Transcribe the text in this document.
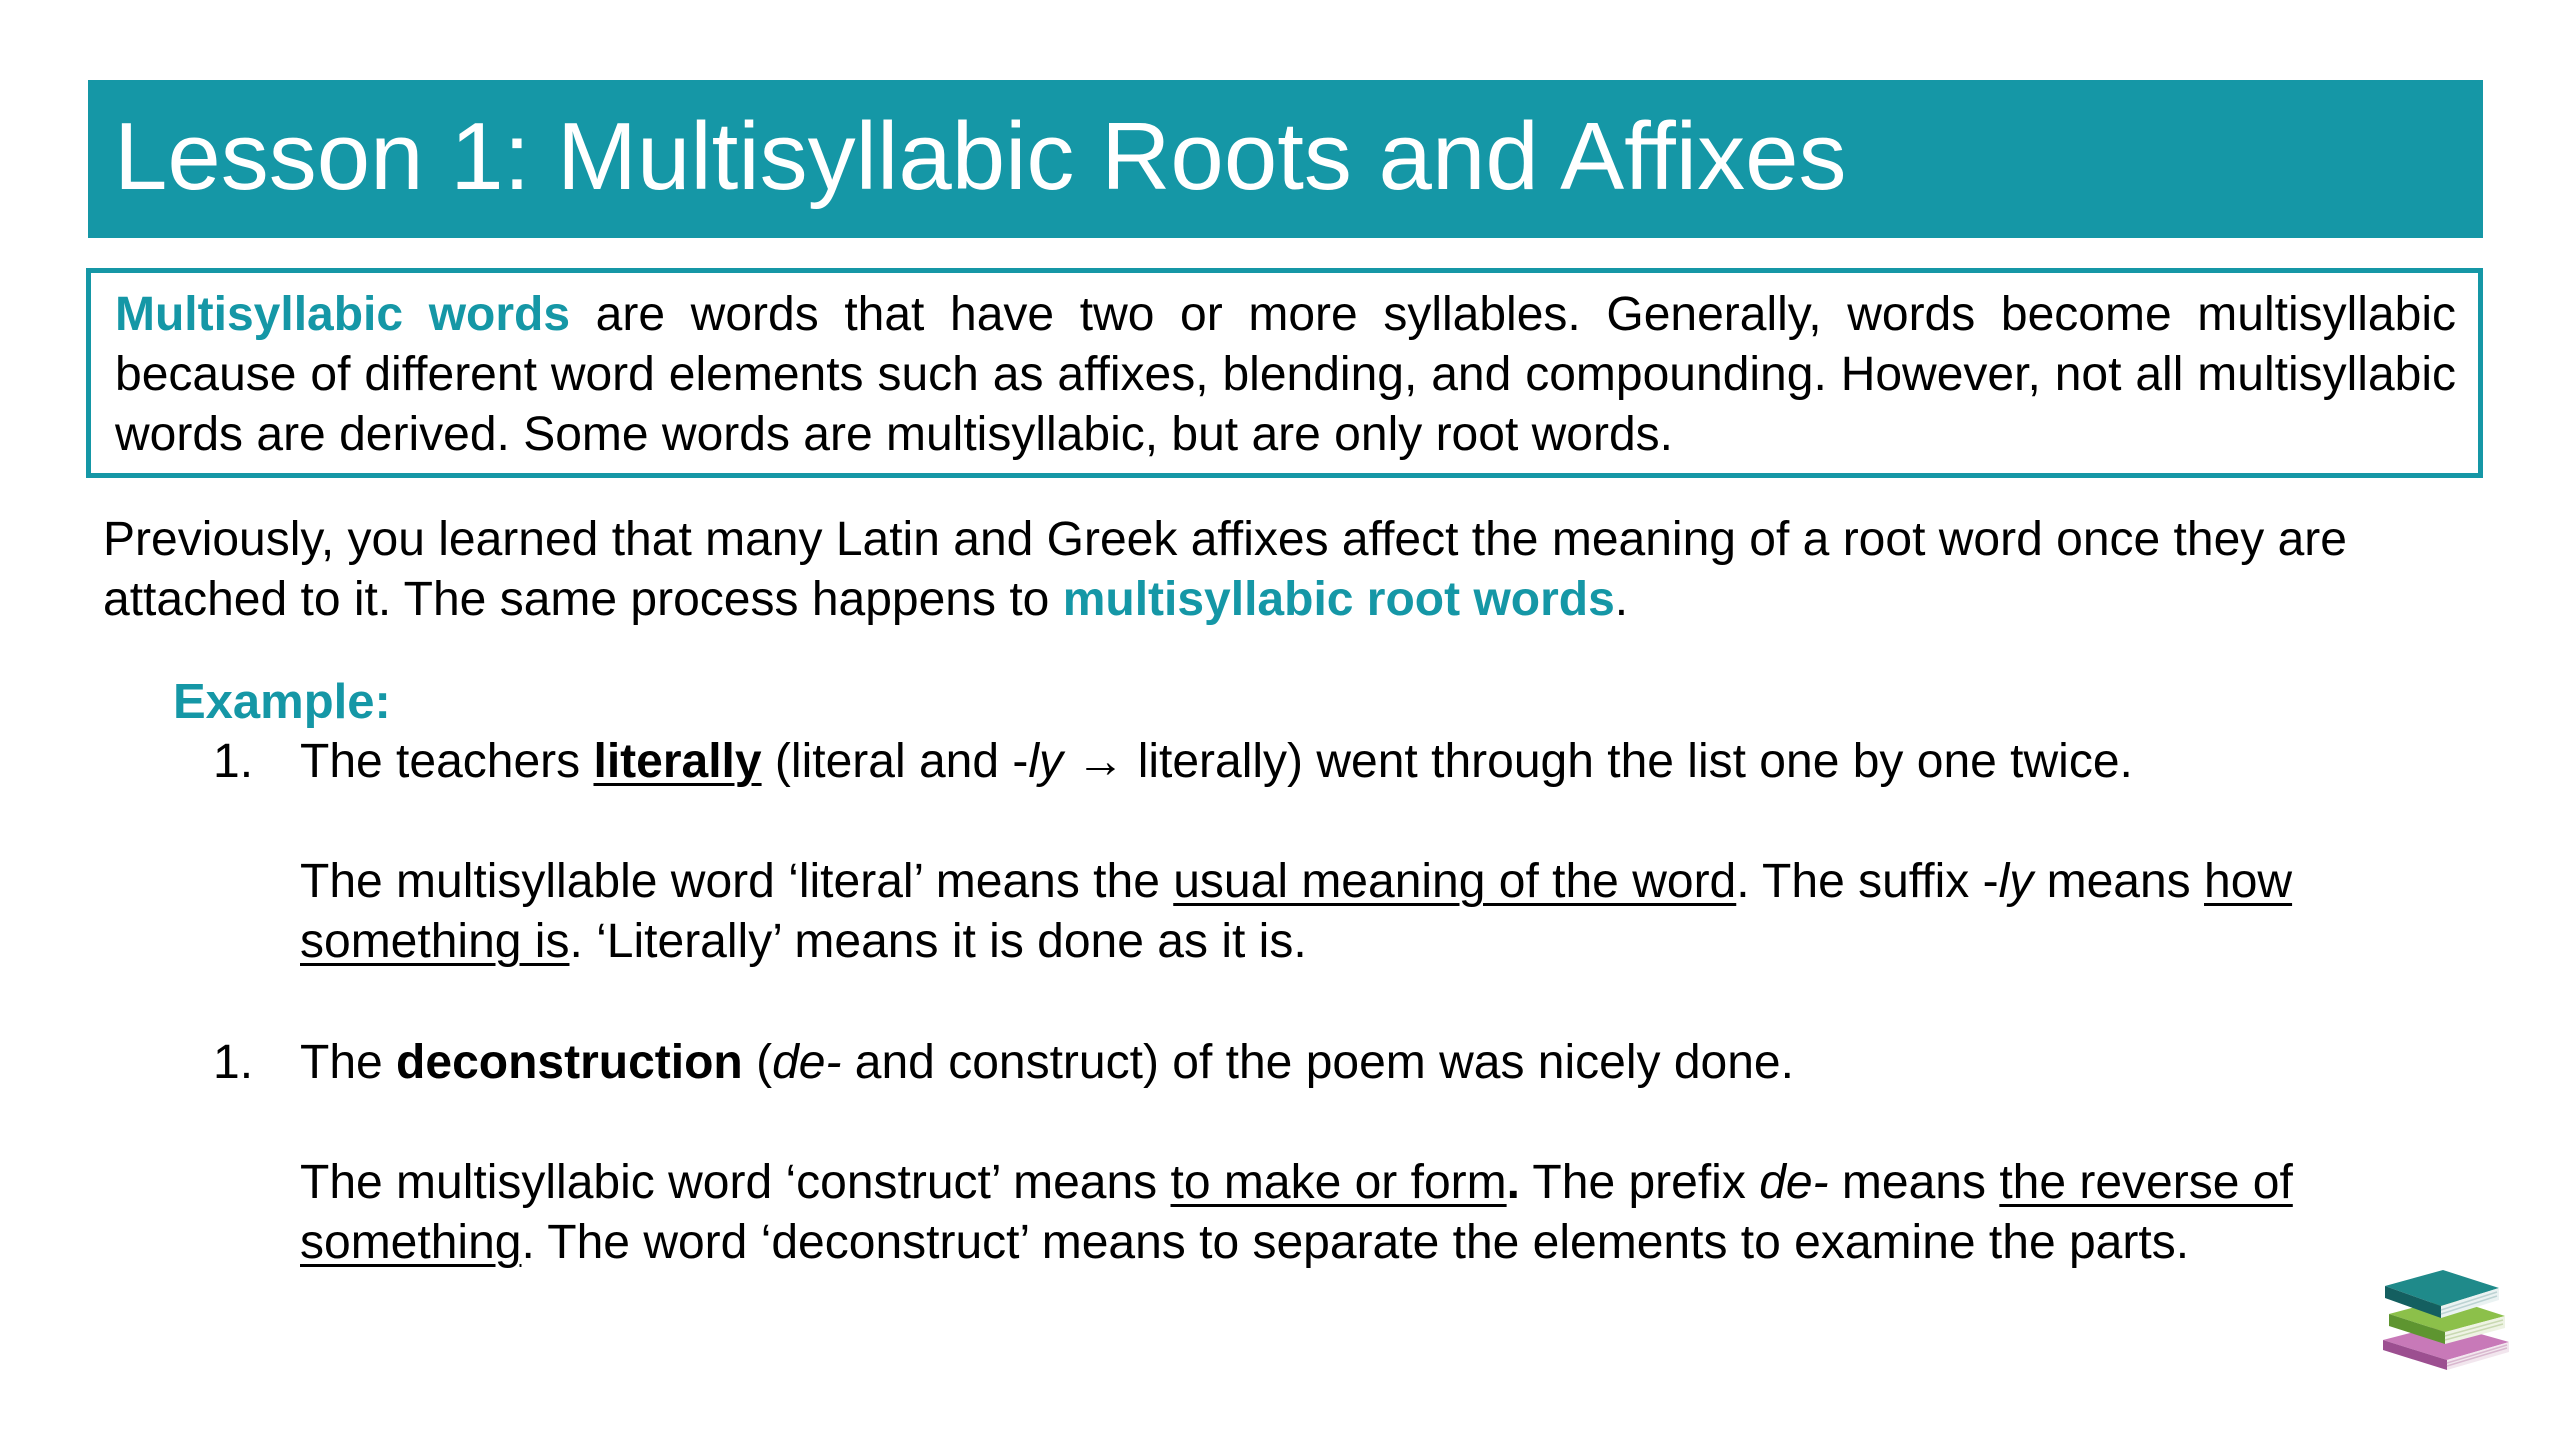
Lesson 1: Multisyllabic Roots and Affixes
Multisyllabic words are words that have two or more syllables. Generally, words become multisyllabic because of different word elements such as affixes, blending, and compounding. However, not all multisyllabic words are derived. Some words are multisyllabic, but are only root words.
Previously, you learned that many Latin and Greek affixes affect the meaning of a root word once they are attached to it. The same process happens to multisyllabic root words.
Example:
1. The teachers literally (literal and -ly → literally) went through the list one by one twice.
The multisyllable word ‘literal’ means the usual meaning of the word. The suffix -ly means how something is. ‘Literally’ means it is done as it is.
1. The deconstruction (de- and construct) of the poem was nicely done.
The multisyllabic word ‘construct’ means to make or form. The prefix de- means the reverse of something. The word ‘deconstruct’ means to separate the elements to examine the parts.
